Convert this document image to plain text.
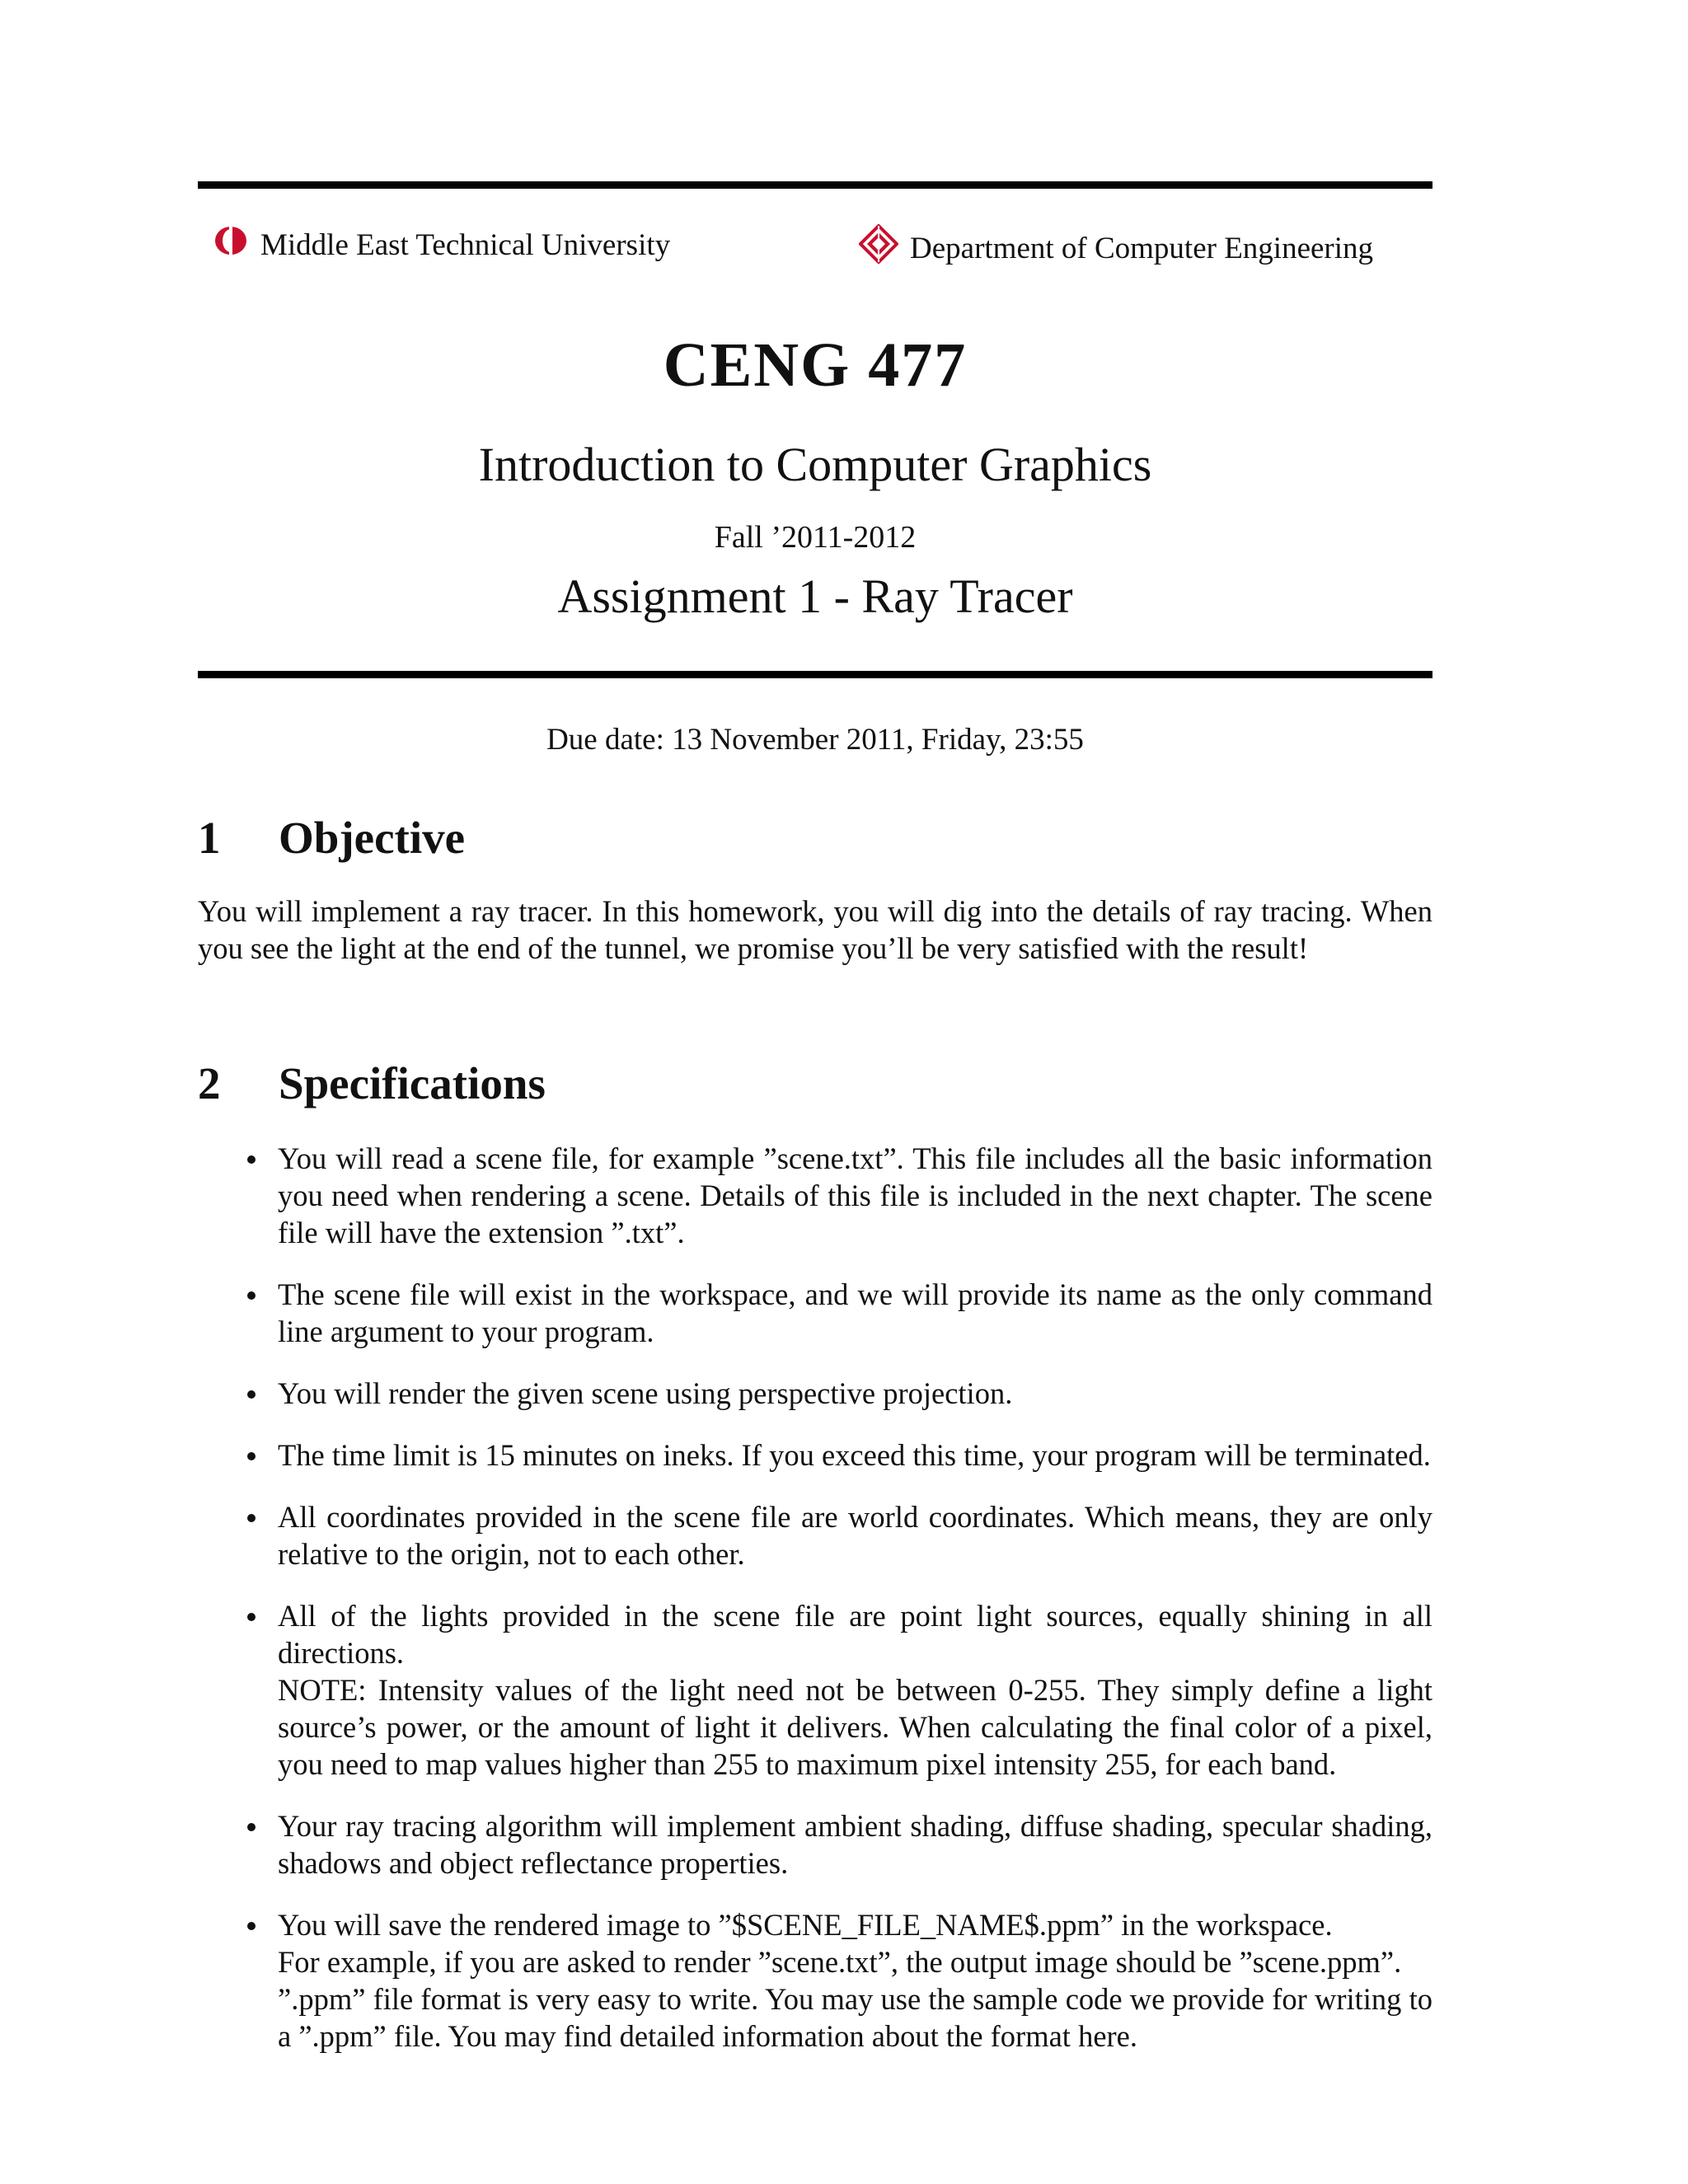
Middle East Technical University	Department of Computer Engineering
CENG 477
Introduction to Computer Graphics
Fall ’2011-2012
Assignment 1 - Ray Tracer
Due date: 13 November 2011, Friday, 23:55
1	Objective
You will implement a ray tracer. In this homework, you will dig into the details of ray tracing. When you see the light at the end of the tunnel, we promise you’ll be very satisfied with the result!
2	Specifications
You will read a scene file, for example ”scene.txt”. This file includes all the basic information you need when rendering a scene. Details of this file is included in the next chapter. The scene file will have the extension ”.txt”.
The scene file will exist in the workspace, and we will provide its name as the only command line argument to your program.
You will render the given scene using perspective projection.
The time limit is 15 minutes on ineks. If you exceed this time, your program will be terminated.
All coordinates provided in the scene file are world coordinates. Which means, they are only relative to the origin, not to each other.
All of the lights provided in the scene file are point light sources, equally shining in all directions.
NOTE: Intensity values of the light need not be between 0-255. They simply define a light source’s power, or the amount of light it delivers. When calculating the final color of a pixel, you need to map values higher than 255 to maximum pixel intensity 255, for each band.
Your ray tracing algorithm will implement ambient shading, diffuse shading, specular shading, shadows and object reflectance properties.
You will save the rendered image to ”$SCENE_FILE_NAME$.ppm” in the workspace.
For example, if you are asked to render ”scene.txt”, the output image should be ”scene.ppm”.
”.ppm” file format is very easy to write. You may use the sample code we provide for writing to a ”.ppm” file. You may find detailed information about the format here.
